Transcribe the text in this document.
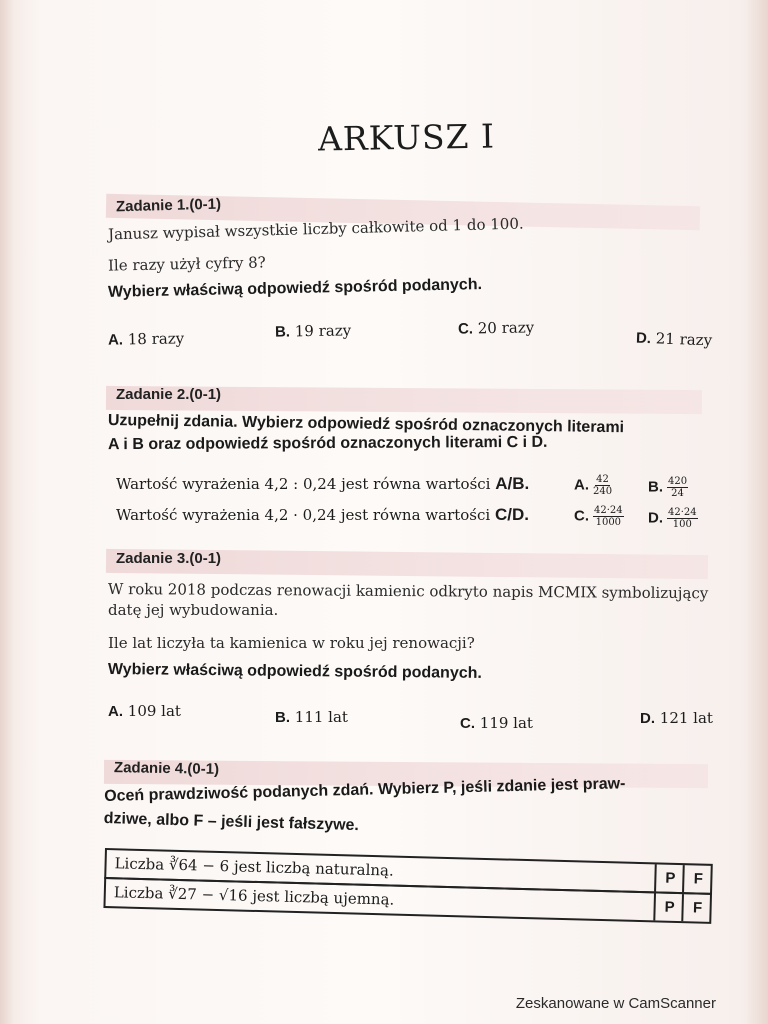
ARKUSZ I
Zadanie 1.(0-1)
Janusz wypisał wszystkie liczby całkowite od 1 do 100.
Ile razy użył cyfry 8?
Wybierz właściwą odpowiedź spośród podanych.
A. 18 razy	B. 19 razy	C. 20 razy
D. 21 razy
Zadanie 2.(0-1)
Uzupełnij zdania. Wybierz odpowiedź spośród oznaczonych literami
A i B oraz odpowiedź spośród oznaczonych literami C i D.
Wartość wyrażenia 4,2 : 0,24 jest równa wartości A/B.	A. $\frac{42}{240} B$. $\frac{420}{24}$
Wartość wyrażenia 4,2 · 0,24 jest równa wartości C/D.	C. $\frac{42\cdot 24}{1000} D$. $\frac{42\cdot 24}{100}$
Zadanie 3.(0-1)
W roku 2018 podczas renowacji kamienic odkryto napis MCMIX symbolizujący
datę jej wybudowania.
Ile lat liczyła ta kamienica w roku jej renowacji?
Wybierz właściwą odpowiedź spośród podanych.
A. 109 lat	B. 111 lat	C. 119 lat	D. 121 lat
Zadanie 4.(0-1)
Oceń prawdziwość podanych zdań. Wybierz P, jeśli zdanie jest praw-
dziwe, albo F – jeśli jest fałszywe.
Liczba ∛64 − 6 jest liczbą naturalną.	P	F
Liczba ∛27 − √16 jest liczbą ujemną.	P	F
Zeskanowane w CamScanner
